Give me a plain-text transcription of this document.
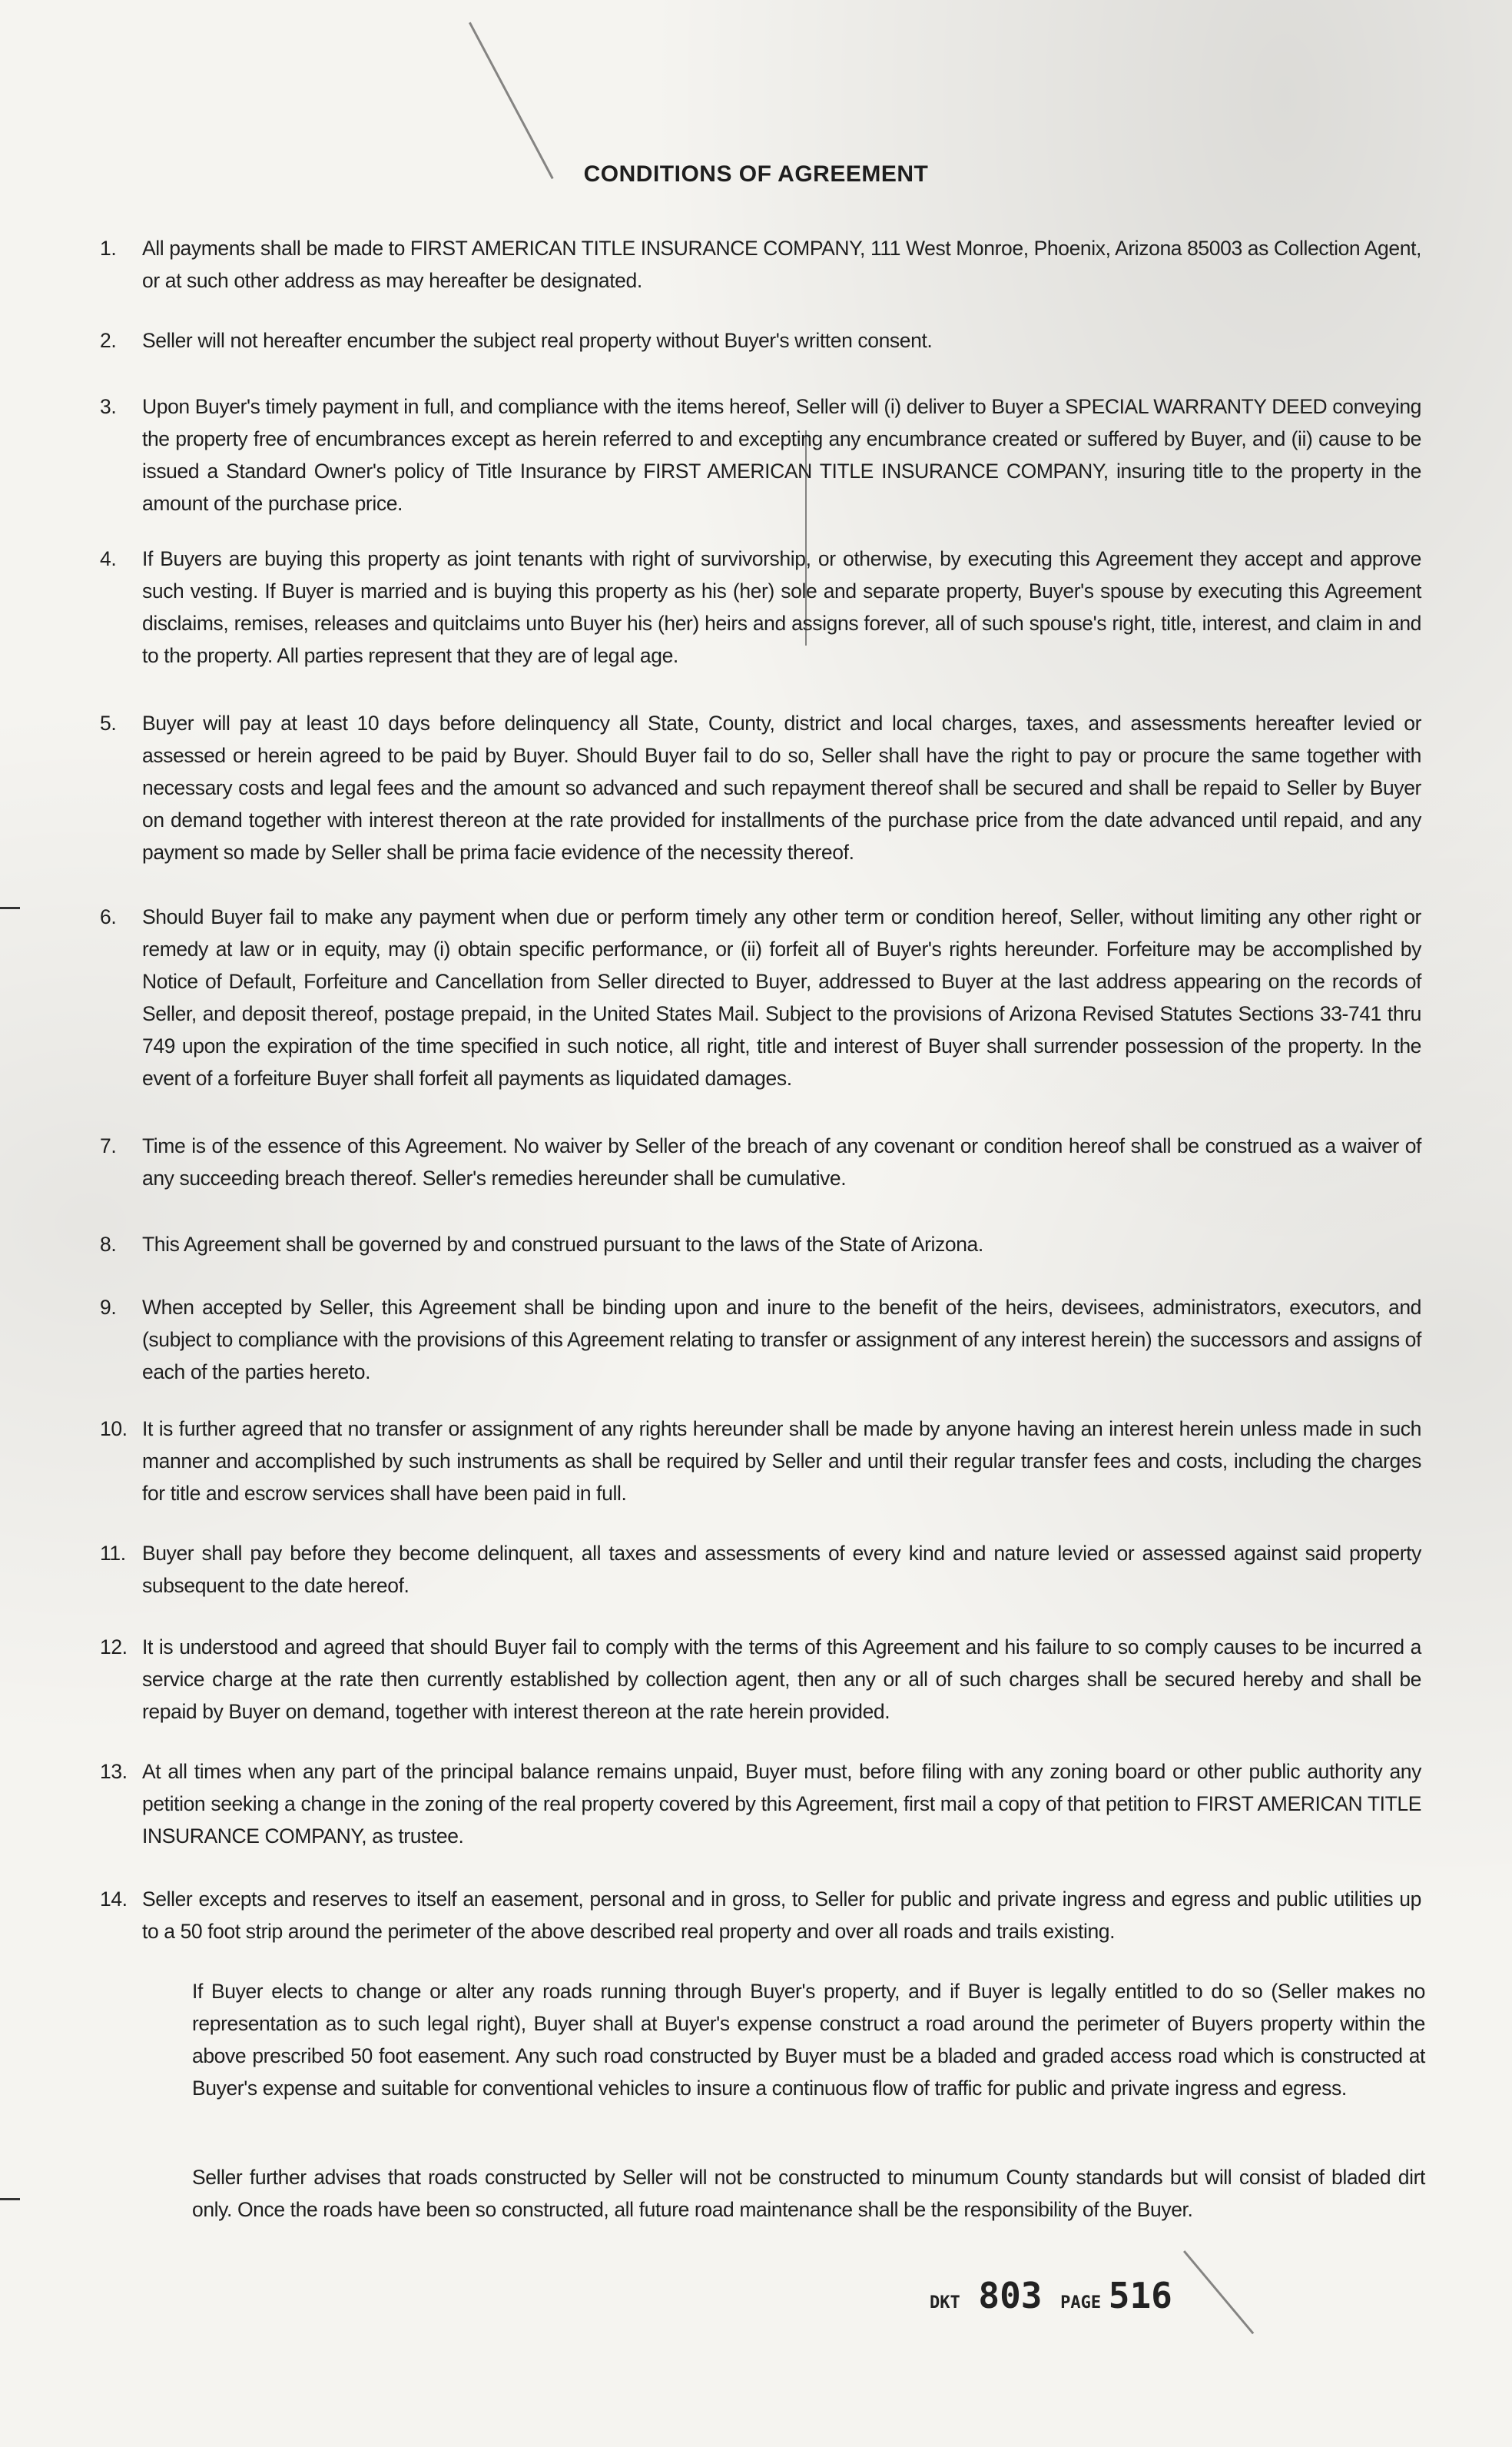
CONDITIONS OF AGREEMENT
1.	All payments shall be made to FIRST AMERICAN TITLE INSURANCE COMPANY, 111 West Monroe, Phoenix, Arizona 85003 as Collection Agent, or at such other address as may hereafter be designated.
2.	Seller will not hereafter encumber the subject real property without Buyer's written consent.
3.	Upon Buyer's timely payment in full, and compliance with the items hereof, Seller will (i) deliver to Buyer a SPECIAL WARRANTY DEED conveying the property free of encumbrances except as herein referred to and excepting any encumbrance created or suffered by Buyer, and (ii) cause to be issued a Standard Owner's policy of Title Insurance by FIRST AMERICAN TITLE INSURANCE COMPANY, insuring title to the property in the amount of the purchase price.
4.	If Buyers are buying this property as joint tenants with right of survivorship, or otherwise, by executing this Agreement they accept and approve such vesting. If Buyer is married and is buying this property as his (her) sole and separate property, Buyer's spouse by executing this Agreement disclaims, remises, releases and quitclaims unto Buyer his (her) heirs and assigns forever, all of such spouse's right, title, interest, and claim in and to the property. All parties represent that they are of legal age.
5.	Buyer will pay at least 10 days before delinquency all State, County, district and local charges, taxes, and assessments hereafter levied or assessed or herein agreed to be paid by Buyer. Should Buyer fail to do so, Seller shall have the right to pay or procure the same together with necessary costs and legal fees and the amount so advanced and such repayment thereof shall be secured and shall be repaid to Seller by Buyer on demand together with interest thereon at the rate provided for installments of the purchase price from the date advanced until repaid, and any payment so made by Seller shall be prima facie evidence of the necessity thereof.
6.	Should Buyer fail to make any payment when due or perform timely any other term or condition hereof, Seller, without limiting any other right or remedy at law or in equity, may (i) obtain specific performance, or (ii) forfeit all of Buyer's rights hereunder. Forfeiture may be accomplished by Notice of Default, Forfeiture and Cancellation from Seller directed to Buyer, addressed to Buyer at the last address appearing on the records of Seller, and deposit thereof, postage prepaid, in the United States Mail. Subject to the provisions of Arizona Revised Statutes Sections 33-741 thru 749 upon the expiration of the time specified in such notice, all right, title and interest of Buyer shall surrender possession of the property. In the event of a forfeiture Buyer shall forfeit all payments as liquidated damages.
7.	Time is of the essence of this Agreement. No waiver by Seller of the breach of any covenant or condition hereof shall be construed as a waiver of any succeeding breach thereof. Seller's remedies hereunder shall be cumulative.
8.	This Agreement shall be governed by and construed pursuant to the laws of the State of Arizona.
9.	When accepted by Seller, this Agreement shall be binding upon and inure to the benefit of the heirs, devisees, administrators, executors, and (subject to compliance with the provisions of this Agreement relating to transfer or assignment of any interest herein) the successors and assigns of each of the parties hereto.
10. It is further agreed that no transfer or assignment of any rights hereunder shall be made by anyone having an interest herein unless made in such manner and accomplished by such instruments as shall be required by Seller and until their regular transfer fees and costs, including the charges for title and escrow services shall have been paid in full.
11. Buyer shall pay before they become delinquent, all taxes and assessments of every kind and nature levied or assessed against said property subsequent to the date hereof.
12. It is understood and agreed that should Buyer fail to comply with the terms of this Agreement and his failure to so comply causes to be incurred a service charge at the rate then currently established by collection agent, then any or all of such charges shall be secured hereby and shall be repaid by Buyer on demand, together with interest thereon at the rate herein provided.
13. At all times when any part of the principal balance remains unpaid, Buyer must, before filing with any zoning board or other public authority any petition seeking a change in the zoning of the real property covered by this Agreement, first mail a copy of that petition to FIRST AMERICAN TITLE INSURANCE COMPANY, as trustee.
14. Seller excepts and reserves to itself an easement, personal and in gross, to Seller for public and private ingress and egress and public utilities up to a 50 foot strip around the perimeter of the above described real property and over all roads and trails existing.
If Buyer elects to change or alter any roads running through Buyer's property, and if Buyer is legally entitled to do so (Seller makes no representation as to such legal right), Buyer shall at Buyer's expense construct a road around the perimeter of Buyers property within the above prescribed 50 foot easement. Any such road constructed by Buyer must be a bladed and graded access road which is constructed at Buyer's expense and suitable for conventional vehicles to insure a continuous flow of traffic for public and private ingress and egress.
Seller further advises that roads constructed by Seller will not be constructed to minumum County standards but will consist of bladed dirt only. Once the roads have been so constructed, all future road maintenance shall be the responsibility of the Buyer.
DKT 803 PAGE 516
